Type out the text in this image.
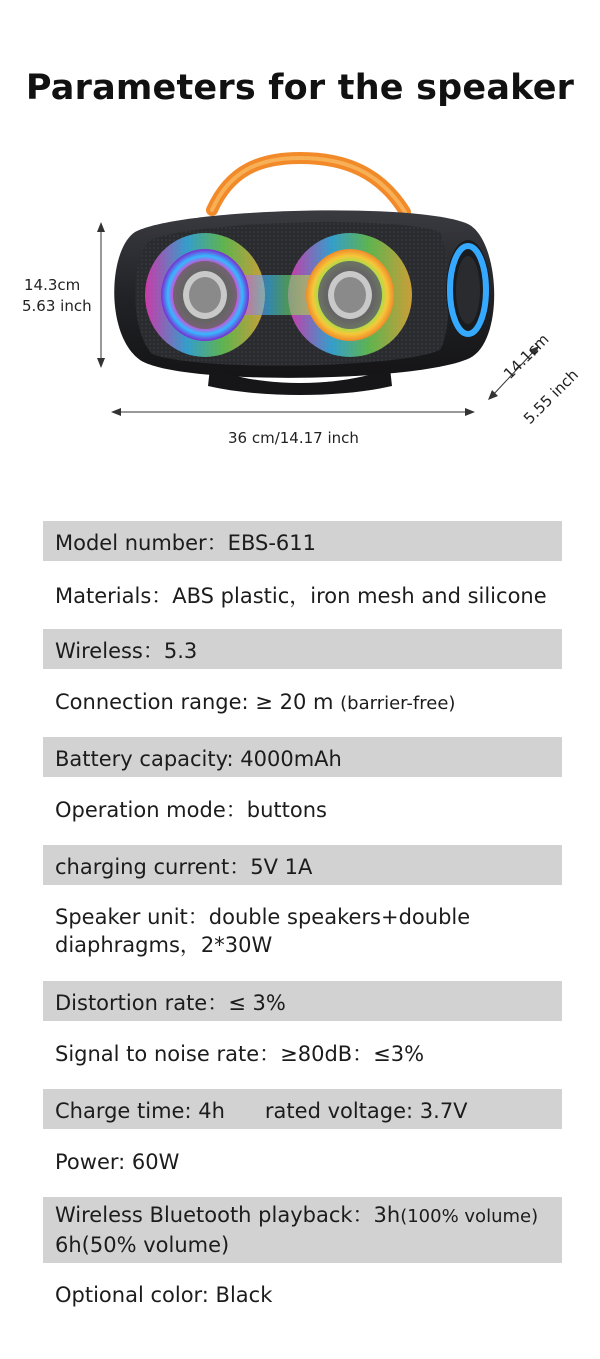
Parameters for the speaker
14.3cm
5.63 inch
36 cm/14.17 inch
14.1cm
5.55 inch
Model number：EBS-611
Materials：ABS plastic，iron mesh and silicone
Wireless：5.3
Connection range: ≥ 20 m (barrier-free)
Battery capacity: 4000mAh
Operation mode：buttons
charging current：5V 1A
Speaker unit：double speakers+double
diaphragms，2*30W
Distortion rate：≤ 3%
Signal to noise rate：≥80dB：≤3%
Charge time: 4h rated voltage: 3.7V
Power: 60W
Wireless Bluetooth playback：3h(100% volume)
6h(50% volume)
Optional color: Black
